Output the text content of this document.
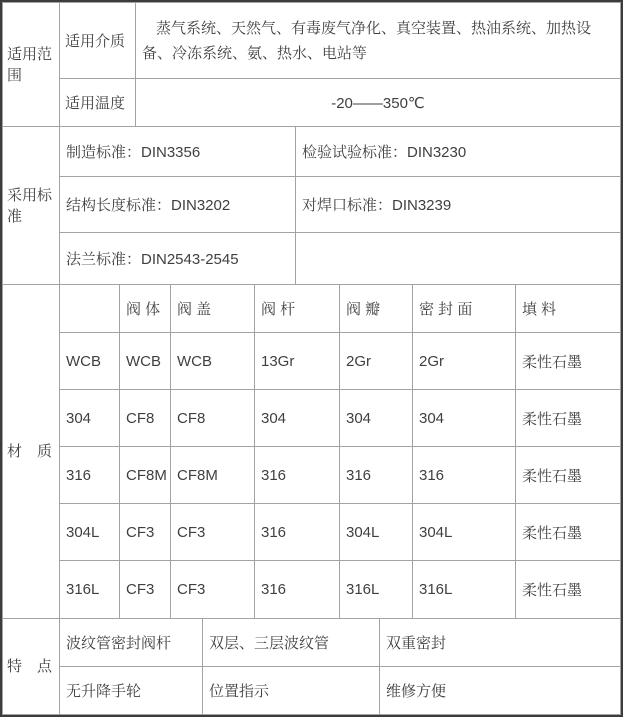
适用范围	适用介质	蒸气系统、天然气、有毒废气净化、真空装置、热油系统、加热设备、冷冻系统、氨、热水、电站等
	适用温度	-20——350℃
采用标准	制造标准：DIN3356	检验试验标准：DIN3230
	结构长度标准：DIN3202	对焊口标准：DIN3239
	法兰标准：DIN2543-2545	
材　质		阀 体	阀 盖	阀 杆	阀 瓣	密 封 面	填 料
	WCB	WCB	WCB	13Gr	2Gr	2Gr	柔性石墨
	304	CF8	CF8	304	304	304	柔性石墨
	316	CF8M	CF8M	316	316	316	柔性石墨
	304L	CF3	CF3	316	304L	304L	柔性石墨
	316L	CF3	CF3	316	316L	316L	柔性石墨
特　点	波纹管密封阀杆	双层、三层波纹管	双重密封
	无升降手轮	位置指示	维修方便
